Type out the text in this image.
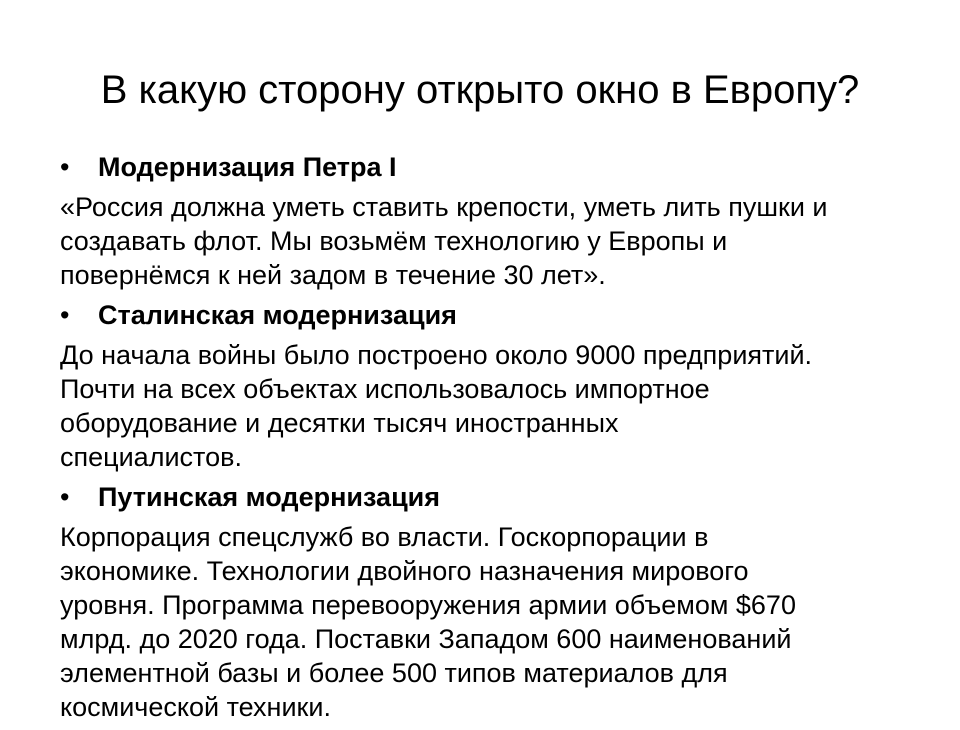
В какую сторону открыто окно в Европу?
• Модернизация Петра I
«Россия должна уметь ставить крепости, уметь лить пушки и
создавать флот. Мы возьмём технологию у Европы и
повернёмся к ней задом в течение 30 лет».
• Сталинская модернизация
До начала войны было построено около 9000 предприятий.
Почти на всех объектах использовалось импортное
оборудование и десятки тысяч иностранных
специалистов.
• Путинская модернизация
Корпорация спецслужб во власти. Госкорпорации в
экономике. Технологии двойного назначения мирового
уровня. Программа перевооружения армии объемом $670
млрд. до 2020 года. Поставки Западом 600 наименований
элементной базы и более 500 типов материалов для
космической техники.
